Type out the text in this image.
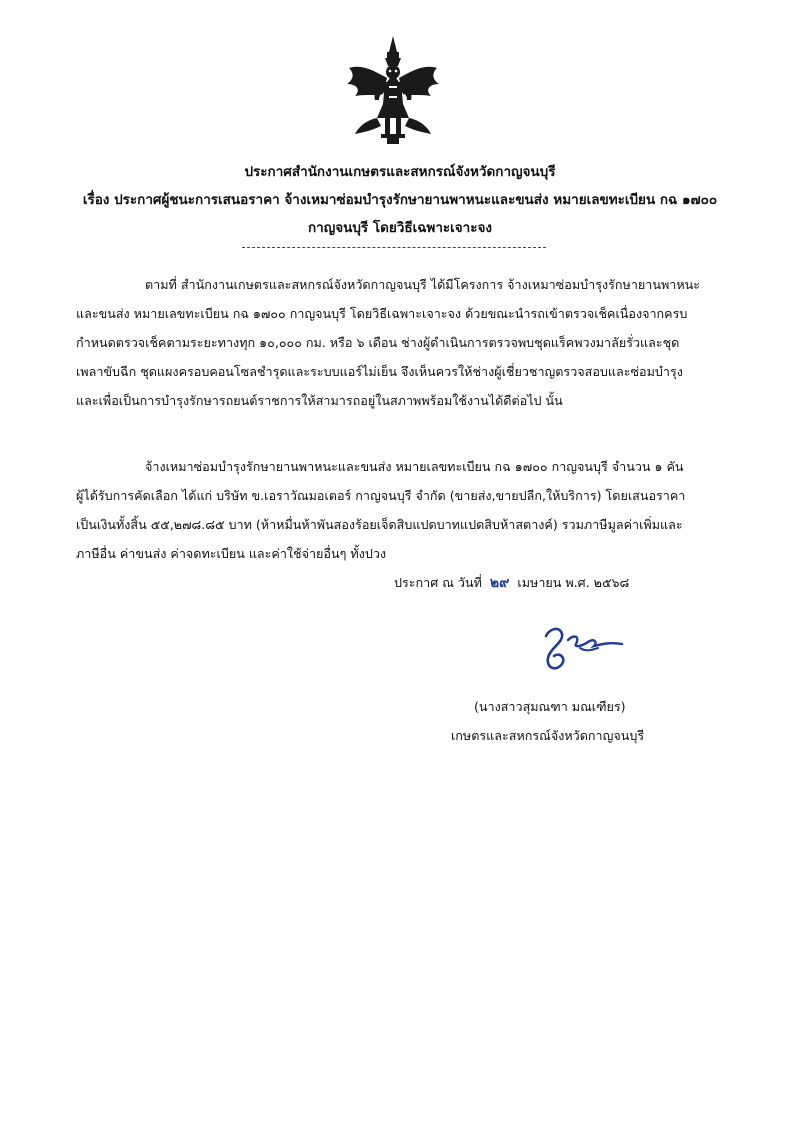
ประกาศสำนักงานเกษตรและสหกรณ์จังหวัดกาญจนบุรี
เรื่อง ประกาศผู้ชนะการเสนอราคา จ้างเหมาซ่อมบำรุงรักษายานพาหนะและขนส่ง หมายเลขทะเบียน กฉ ๑๗๐๐
กาญจนบุรี โดยวิธีเฉพาะเจาะจง
ตามที่ สำนักงานเกษตรและสหกรณ์จังหวัดกาญจนบุรี ได้มีโครงการ จ้างเหมาซ่อมบำรุงรักษายานพาหนะ
และขนส่ง หมายเลขทะเบียน กฉ ๑๗๐๐ กาญจนบุรี โดยวิธีเฉพาะเจาะจง ด้วยขณะนำรถเข้าตรวจเช็คเนื่องจากครบ
กำหนดตรวจเช็คตามระยะทางทุก ๑๐,๐๐๐ กม. หรือ ๖ เดือน ช่างผู้ดำเนินการตรวจพบชุดแร็คพวงมาลัยรั่วและชุด
เพลาขับฉีก ชุดแผงครอบคอนโซลชำรุดและระบบแอร์ไม่เย็น จึงเห็นควรให้ช่างผู้เชี่ยวชาญตรวจสอบและซ่อมบำรุง
และเพื่อเป็นการบำรุงรักษารถยนต์ราชการให้สามารถอยู่ในสภาพพร้อมใช้งานได้ดีต่อไป นั้น
จ้างเหมาซ่อมบำรุงรักษายานพาหนะและขนส่ง หมายเลขทะเบียน กฉ ๑๗๐๐ กาญจนบุรี จำนวน ๑ คัน
ผู้ได้รับการคัดเลือก ได้แก่ บริษัท ข.เอราวัณมอเตอร์ กาญจนบุรี จำกัด (ขายส่ง,ขายปลีก,ให้บริการ) โดยเสนอราคา
เป็นเงินทั้งสิ้น ๕๕,๒๗๘.๘๕ บาท (ห้าหมื่นห้าพันสองร้อยเจ็ดสิบแปดบาทแปดสิบห้าสตางค์) รวมภาษีมูลค่าเพิ่มและ
ภาษีอื่น ค่าขนส่ง ค่าจดทะเบียน และค่าใช้จ่ายอื่นๆ ทั้งปวง
ประกาศ ณ วันที่ ๒๙ เมษายน พ.ศ. ๒๕๖๘
(นางสาวสุมณฑา มณเฑียร)
เกษตรและสหกรณ์จังหวัดกาญจนบุรี
